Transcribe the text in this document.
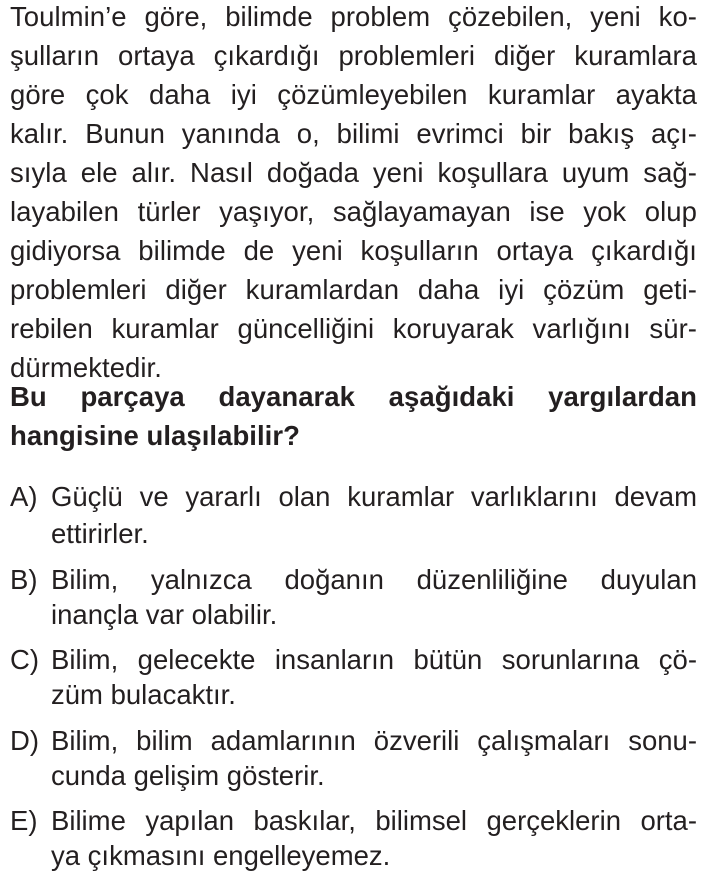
Toulmin’e göre, bilimde problem çözebilen, yeni ko-
şulların ortaya çıkardığı problemleri diğer kuramlara
göre çok daha iyi çözümleyebilen kuramlar ayakta
kalır. Bunun yanında o, bilimi evrimci bir bakış açı-
sıyla ele alır. Nasıl doğada yeni koşullara uyum sağ-
layabilen türler yaşıyor, sağlayamayan ise yok olup
gidiyorsa bilimde de yeni koşulların ortaya çıkardığı
problemleri diğer kuramlardan daha iyi çözüm geti-
rebilen kuramlar güncelliğini koruyarak varlığını sür-
dürmektedir.
Bu parçaya dayanarak aşağıdaki yargılardan
hangisine ulaşılabilir?
A) Güçlü ve yararlı olan kuramlar varlıklarını devam
ettirirler.
B) Bilim, yalnızca doğanın düzenliliğine duyulan
inançla var olabilir.
C) Bilim, gelecekte insanların bütün sorunlarına çö-
züm bulacaktır.
D) Bilim, bilim adamlarının özverili çalışmaları sonu-
cunda gelişim gösterir.
E) Bilime yapılan baskılar, bilimsel gerçeklerin orta-
ya çıkmasını engelleyemez.
